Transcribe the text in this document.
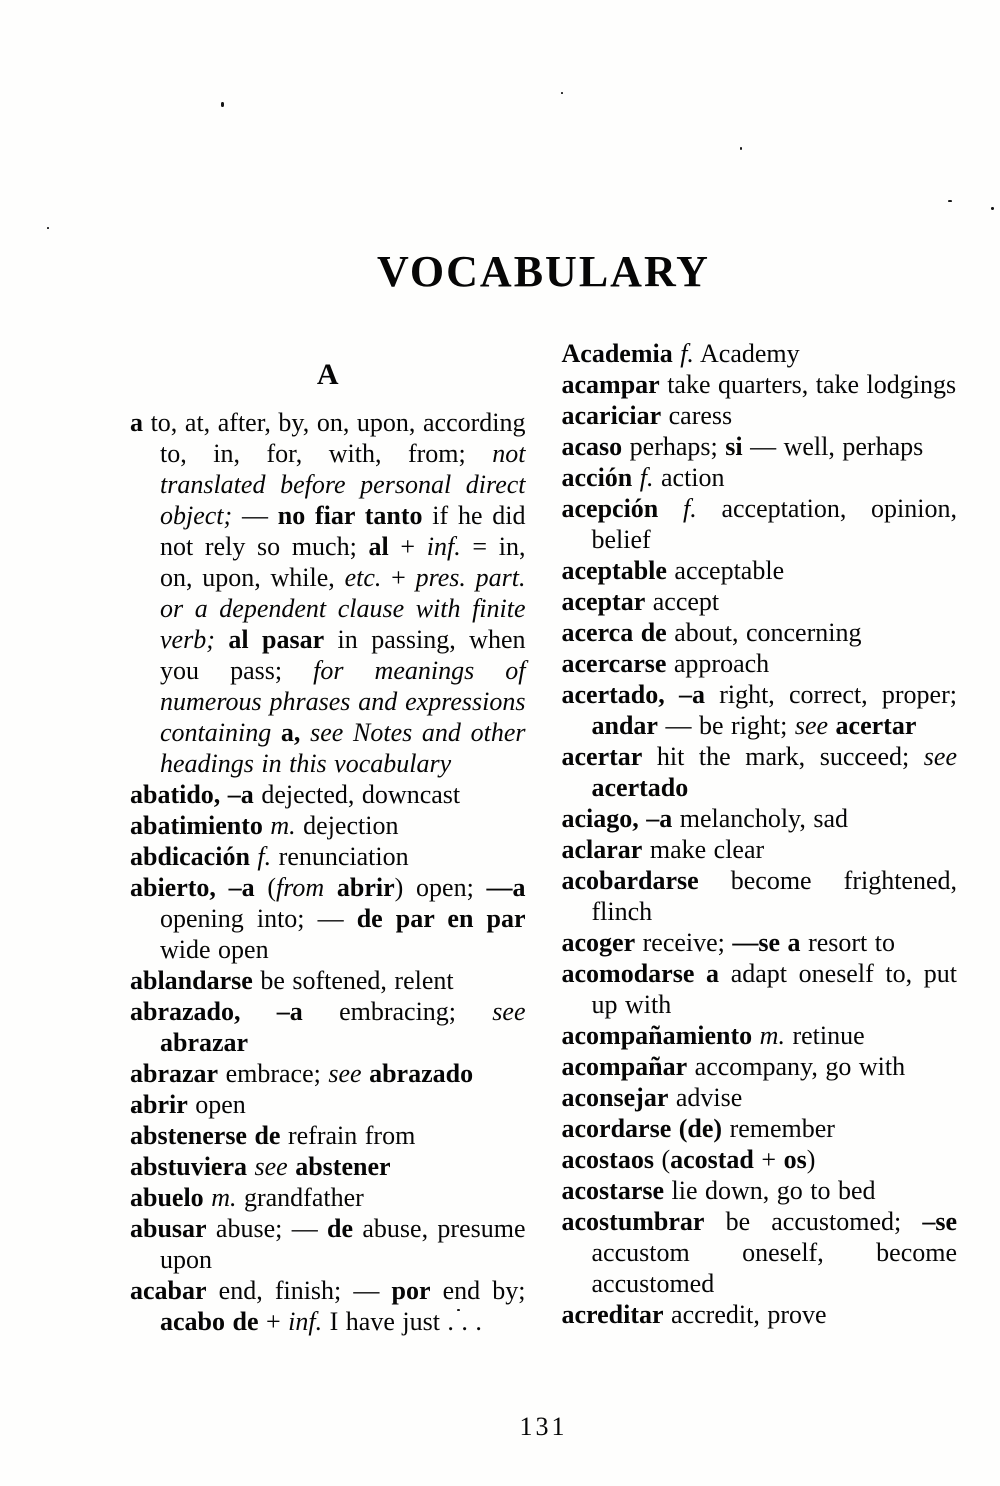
VOCABULARY
A

a to, at, after, by, on, upon, according to, in, for, with, from; not translated before personal direct object; — no fiar tanto if he did not rely so much; al + inf. = in, on, upon, while, etc. + pres. part. or a dependent clause with finite verb; al pasar in passing, when you pass; for meanings of numerous phrases and expressions containing a, see Notes and other headings in this vocabulary

abatido, –a dejected, downcast

abatimiento m. dejection

abdicación f. renunciation

abierto, –a (from abrir) open; —a opening into; — de par en par wide open

ablandarse be softened, relent

abrazado, –a embracing; see abrazar

abrazar embrace; see abrazado

abrir open

abstenerse de refrain from

abstuviera see abstener

abuelo m. grandfather

abusar abuse; — de abuse, presume upon

acabar end, finish; — por end by; acabo de + inf. I have just . . .

Academia f. Academy

acampar take quarters, take lodgings

acariciar caress

acaso perhaps; si — well, perhaps

acción f. action

acepción f. acceptation, opinion, belief

aceptable acceptable

aceptar accept

acerca de about, concerning

acercarse approach

acertado, –a right, correct, proper; andar — be right; see acertar

acertar hit the mark, succeed; see acertado

aciago, –a melancholy, sad

aclarar make clear

acobardarse become frightened, flinch

acoger receive; —se a resort to

acomodarse a adapt oneself to, put up with

acompañamiento m. retinue

acompañar accompany, go with

aconsejar advise

acordarse (de) remember

acostaos (acostad + os)

acostarse lie down, go to bed

acostumbrar be accustomed; –se accustom oneself, become accustomed

acreditar accredit, prove

131
